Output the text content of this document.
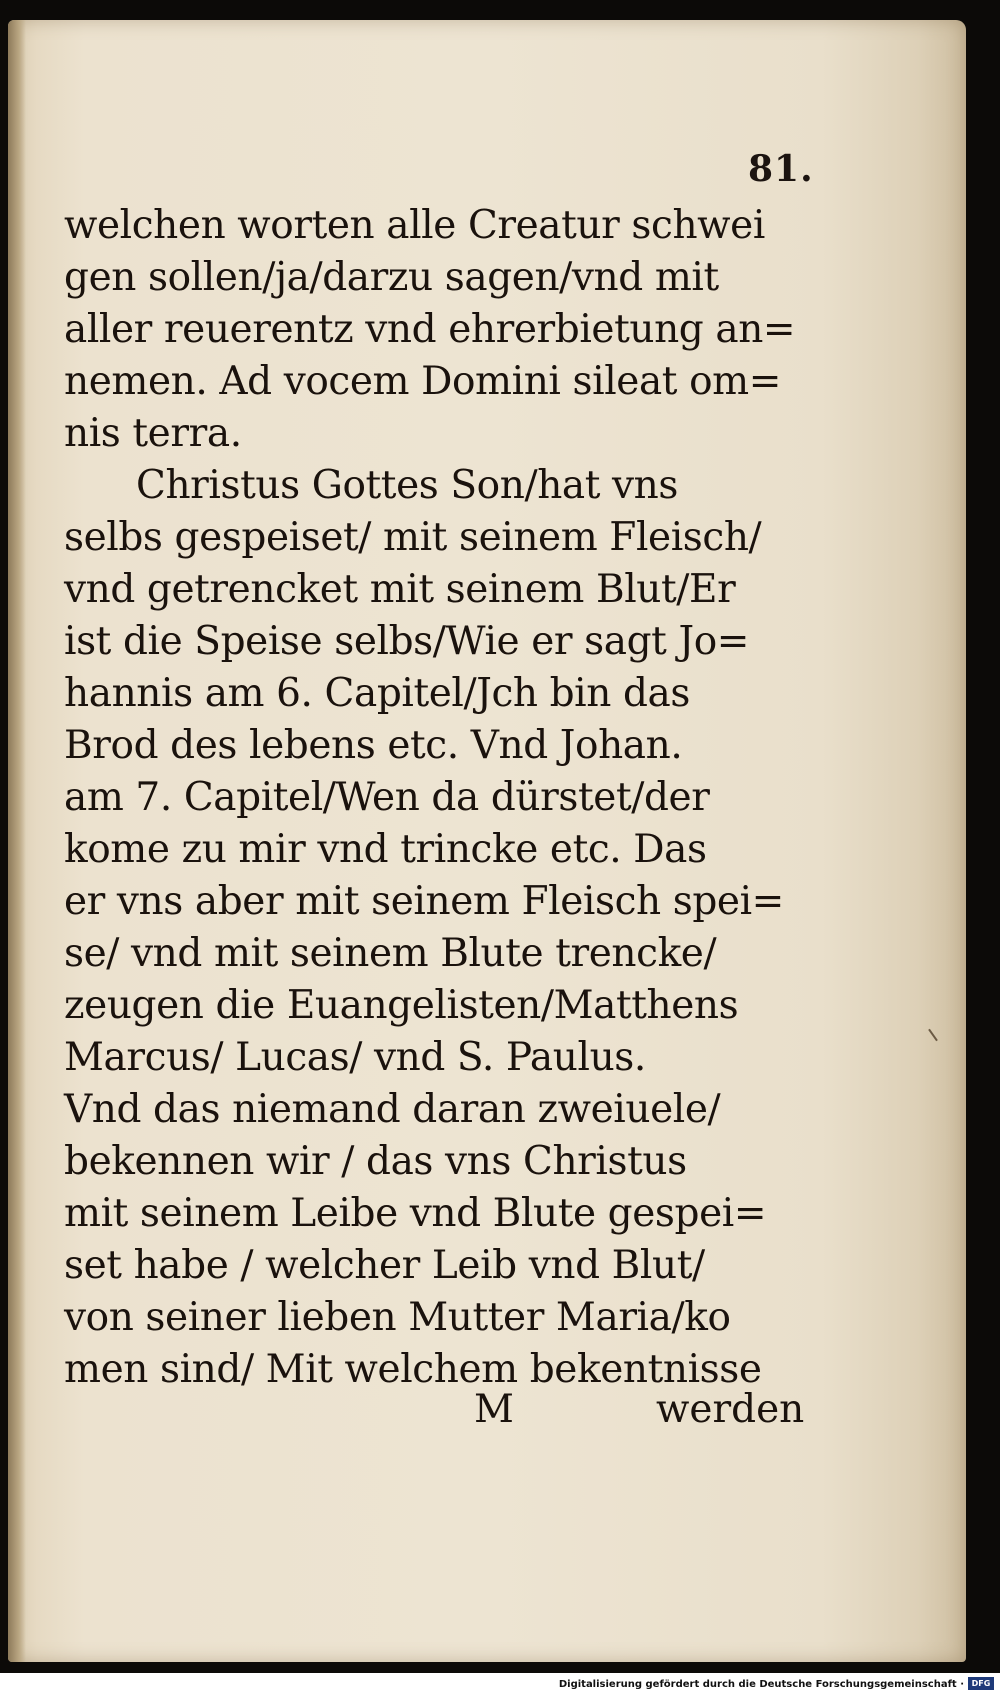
81.
welchen worten alle Creatur schwei
gen sollen/ja/darzu sagen/vnd mit
aller reuerentz vnd ehrerbietung an=
nemen. Ad vocem Domini sileat om=
nis terra.
Christus Gottes Son/hat vns
selbs gespeiset/ mit seinem Fleisch/
vnd getrencket mit seinem Blut/Er
ist die Speise selbs/Wie er sagt Jo=
hannis am 6. Capitel/Jch bin das
Brod des lebens etc. Vnd Johan.
am 7. Capitel/Wen da dürstet/der
kome zu mir vnd trincke etc. Das
er vns aber mit seinem Fleisch spei=
se/ vnd mit seinem Blute trencke/
zeugen die Euangelisten/Matthens
Marcus/ Lucas/ vnd S. Paulus.
Vnd das niemand daran zweiuele/
bekennen wir / das vns Christus
mit seinem Leibe vnd Blute gespei=
set habe / welcher Leib vnd Blut/
von seiner lieben Mutter Maria/ko
men sind/ Mit welchem bekentnisse
M	werden
Digitalisierung gefördert durch die Deutsche Forschungsgemeinschaft · DFG
